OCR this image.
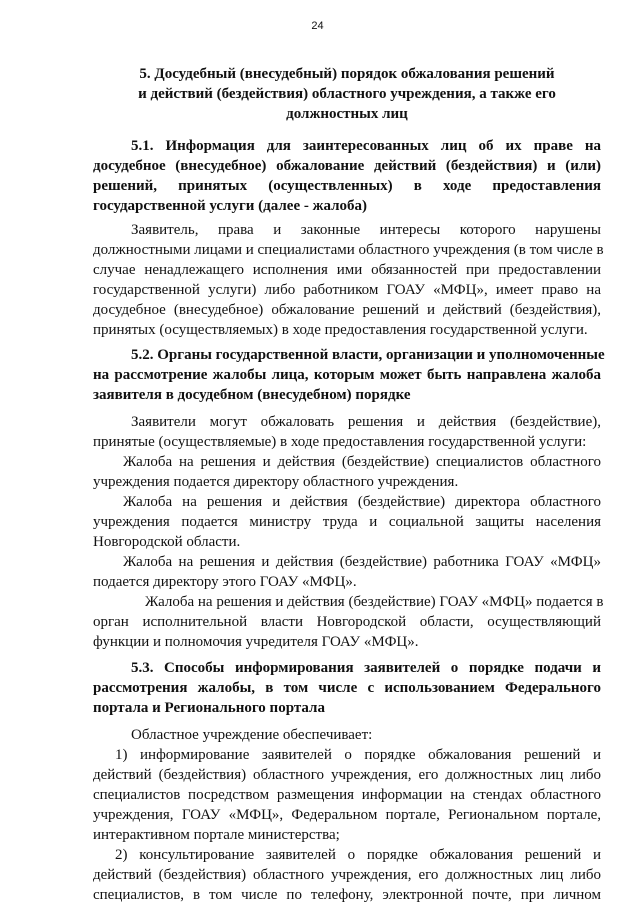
24
5. Досудебный (внесудебный) порядок обжалования решений
и действий (бездействия) областного учреждения, а также его
должностных лиц
5.1. Информация для заинтересованных лиц об их праве на
досудебное (внесудебное) обжалование действий (бездействия) и (или)
решений, принятых (осуществленных) в ходе предоставления
государственной услуги (далее - жалоба)
Заявитель, права и законные интересы которого нарушены
должностными лицами и специалистами областного учреждения (в том числе в
случае ненадлежащего исполнения ими обязанностей при предоставлении
государственной услуги) либо работником ГОАУ «МФЦ», имеет право на
досудебное (внесудебное) обжалование решений и действий (бездействия),
принятых (осуществляемых) в ходе предоставления государственной услуги.
5.2. Органы государственной власти, организации и уполномоченные
на рассмотрение жалобы лица, которым может быть направлена жалоба
заявителя в досудебном (внесудебном) порядке
Заявители могут обжаловать решения и действия (бездействие),
принятые (осуществляемые) в ходе предоставления государственной услуги:
Жалоба на решения и действия (бездействие) специалистов областного
учреждения подается директору областного учреждения.
Жалоба на решения и действия (бездействие) директора областного
учреждения подается министру труда и социальной защиты населения
Новгородской области.
Жалоба на решения и действия (бездействие) работника ГОАУ «МФЦ»
подается директору этого ГОАУ «МФЦ».
Жалоба на решения и действия (бездействие) ГОАУ «МФЦ» подается в
орган исполнительной власти Новгородской области, осуществляющий
функции и полномочия учредителя ГОАУ «МФЦ».
5.3. Способы информирования заявителей о порядке подачи и
рассмотрения жалобы, в том числе с использованием Федерального
портала и Регионального портала
Областное учреждение обеспечивает:
1) информирование заявителей о порядке обжалования решений и
действий (бездействия) областного учреждения, его должностных лиц либо
специалистов посредством размещения информации на стендах областного
учреждения, ГОАУ «МФЦ», Федеральном портале, Региональном портале,
интерактивном портале министерства;
2) консультирование заявителей о порядке обжалования решений и
действий (бездействия) областного учреждения, его должностных лиц либо
специалистов, в том числе по телефону, электронной почте, при личном
